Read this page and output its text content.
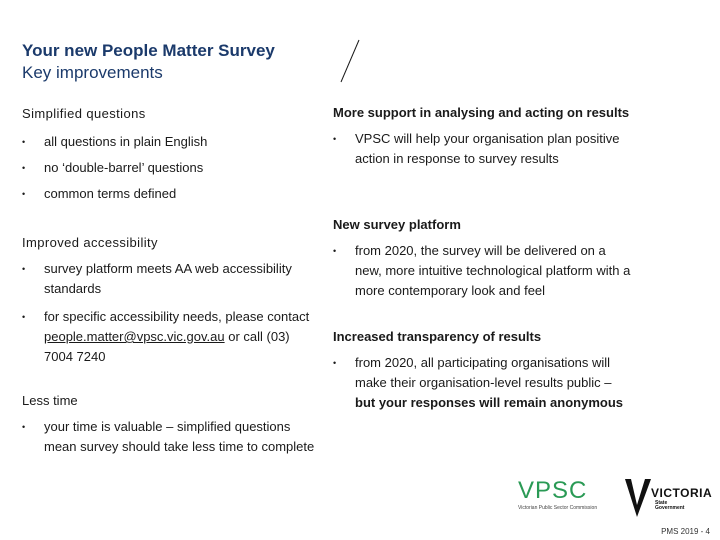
Your new People Matter Survey
Key improvements
Simplified questions
• all questions in plain English
• no ‘double-barrel’ questions
• common terms defined
Improved accessibility
• survey platform meets AA web accessibility standards
• for specific accessibility needs, please contact people.matter@vpsc.vic.gov.au or call (03) 7004 7240
Less time
• your time is valuable – simplified questions mean survey should take less time to complete
More support in analysing and acting on results
• VPSC will help your organisation plan positive action in response to survey results
New survey platform
• from 2020, the survey will be delivered on a new, more intuitive technological platform with a more contemporary look and feel
Increased transparency of results
• from 2020, all participating organisations will make their organisation-level results public – but your responses will remain anonymous
VPSC
Victorian Public Sector Commission
VICTORIA
State
Government
PMS 2019 - 4
